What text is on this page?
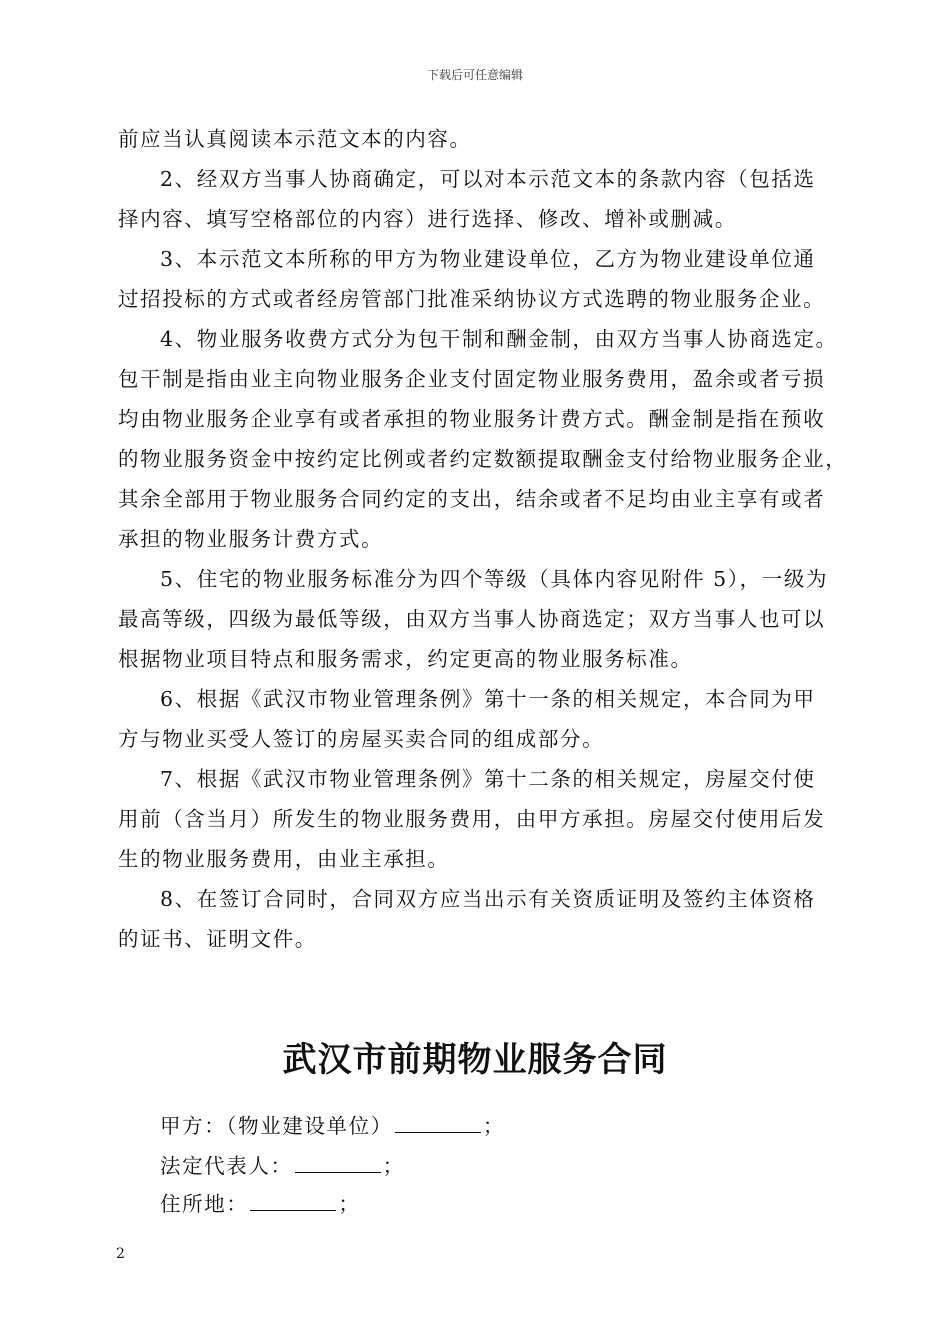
下载后可任意编辑
前应当认真阅读本示范文本的内容。
2、经双方当事人协商确定，可以对本示范文本的条款内容（包括选
择内容、填写空格部位的内容）进行选择、修改、增补或删减。
3、本示范文本所称的甲方为物业建设单位，乙方为物业建设单位通
过招投标的方式或者经房管部门批准采纳协议方式选聘的物业服务企业。
4、物业服务收费方式分为包干制和酬金制，由双方当事人协商选定。
包干制是指由业主向物业服务企业支付固定物业服务费用，盈余或者亏损
均由物业服务企业享有或者承担的物业服务计费方式。酬金制是指在预收
的物业服务资金中按约定比例或者约定数额提取酬金支付给物业服务企业，
其余全部用于物业服务合同约定的支出，结余或者不足均由业主享有或者
承担的物业服务计费方式。
5、住宅的物业服务标准分为四个等级（具体内容见附件 5），一级为
最高等级，四级为最低等级，由双方当事人协商选定；双方当事人也可以
根据物业项目特点和服务需求，约定更高的物业服务标准。
6、根据《武汉市物业管理条例》第十一条的相关规定，本合同为甲
方与物业买受人签订的房屋买卖合同的组成部分。
7、根据《武汉市物业管理条例》第十二条的相关规定，房屋交付使
用前（含当月）所发生的物业服务费用，由甲方承担。房屋交付使用后发
生的物业服务费用，由业主承担。
8、在签订合同时，合同双方应当出示有关资质证明及签约主体资格
的证书、证明文件。
武汉市前期物业服务合同
甲方：（物业建设单位）	；
法定代表人：	；
住所地：	；
2
